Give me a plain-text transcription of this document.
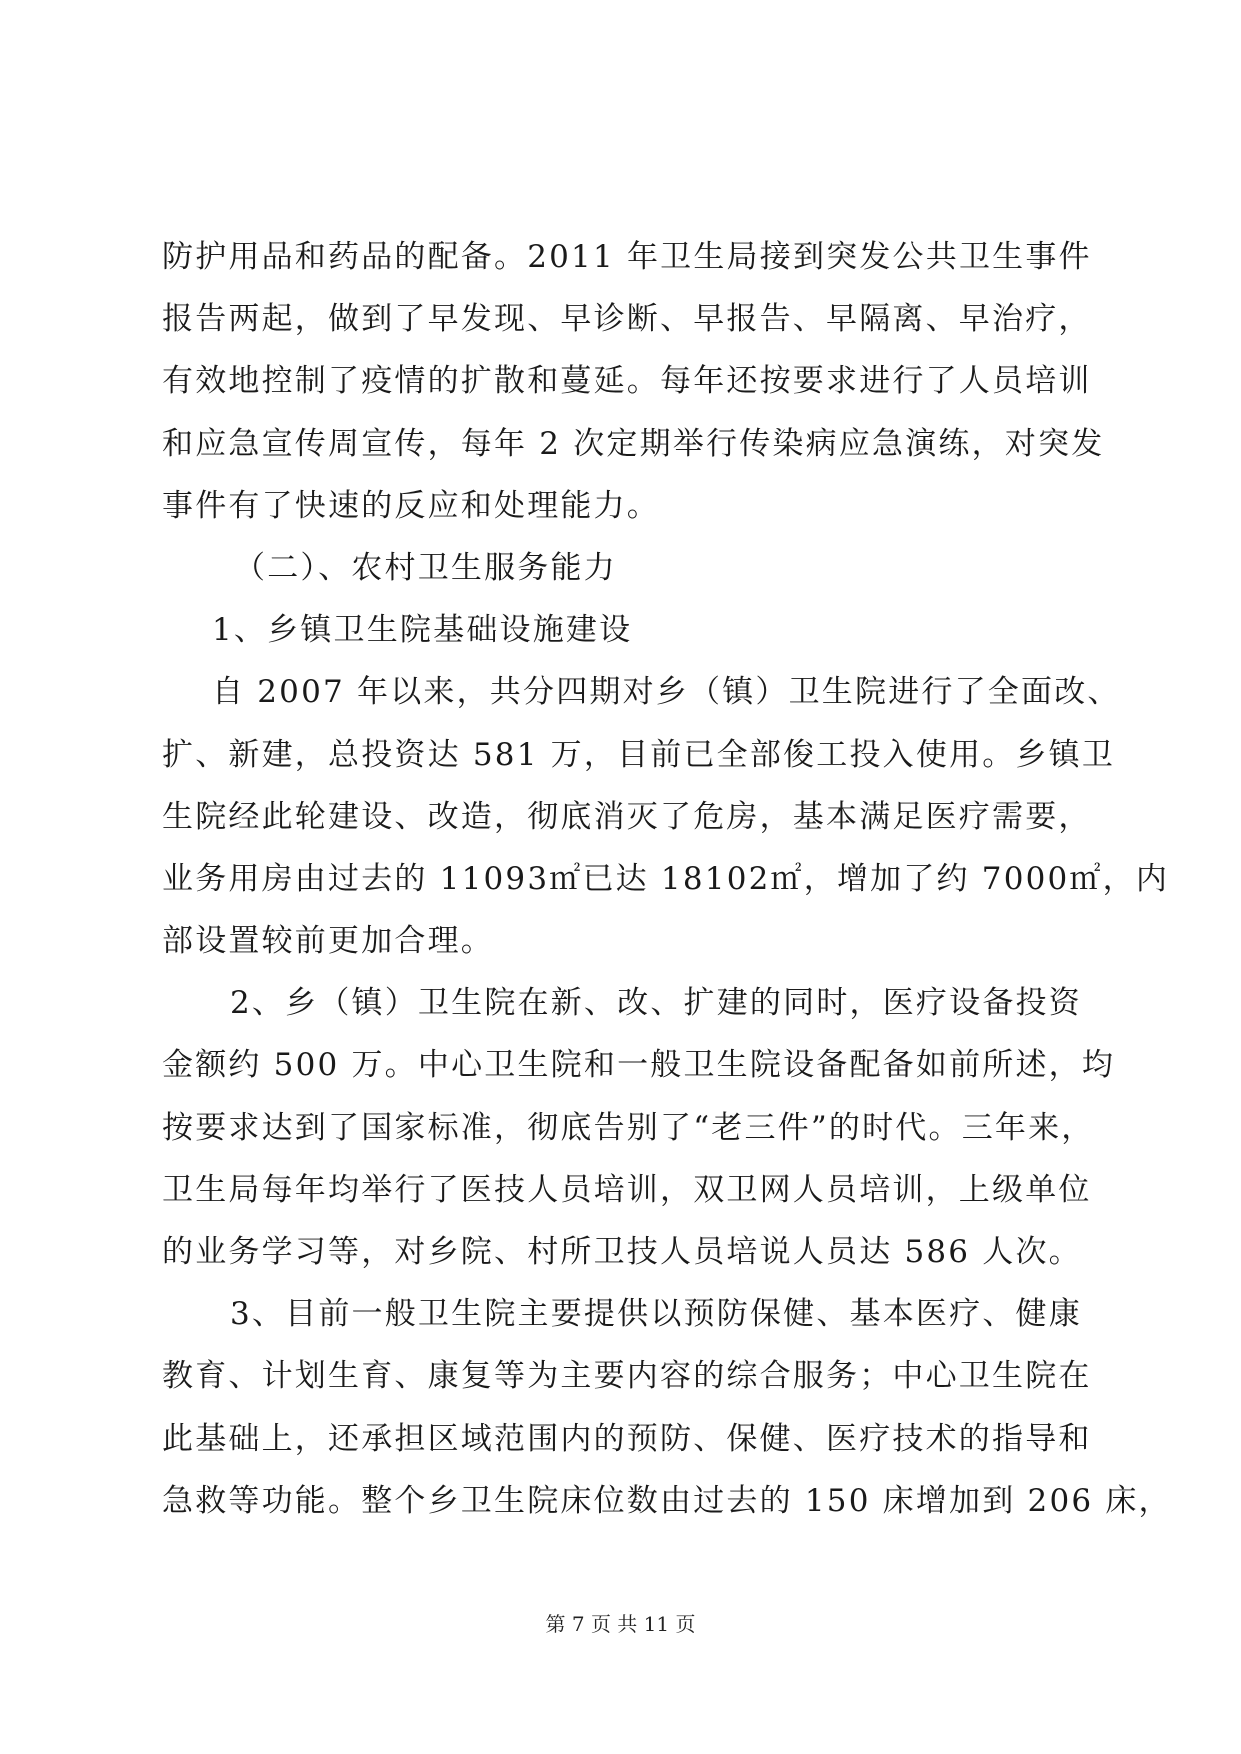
防护用品和药品的配备。2011 年卫生局接到突发公共卫生事件
报告两起，做到了早发现、早诊断、早报告、早隔离、早治疗，
有效地控制了疫情的扩散和蔓延。每年还按要求进行了人员培训
和应急宣传周宣传，每年 2 次定期举行传染病应急演练，对突发
事件有了快速的反应和处理能力。
（二）、农村卫生服务能力
1、乡镇卫生院基础设施建设
自 2007 年以来，共分四期对乡（镇）卫生院进行了全面改、
扩、新建，总投资达 581 万，目前已全部俊工投入使用。乡镇卫
生院经此轮建设、改造，彻底消灭了危房，基本满足医疗需要，
业务用房由过去的 11093㎡已达 18102㎡，增加了约 7000㎡，内
部设置较前更加合理。
2、乡（镇）卫生院在新、改、扩建的同时，医疗设备投资
金额约 500 万。中心卫生院和一般卫生院设备配备如前所述，均
按要求达到了国家标准，彻底告别了“老三件”的时代。三年来，
卫生局每年均举行了医技人员培训，双卫网人员培训，上级单位
的业务学习等，对乡院、村所卫技人员培说人员达 586 人次。
3、目前一般卫生院主要提供以预防保健、基本医疗、健康
教育、计划生育、康复等为主要内容的综合服务；中心卫生院在
此基础上，还承担区域范围内的预防、保健、医疗技术的指导和
急救等功能。整个乡卫生院床位数由过去的 150 床增加到 206 床，
第 7 页 共 11 页
